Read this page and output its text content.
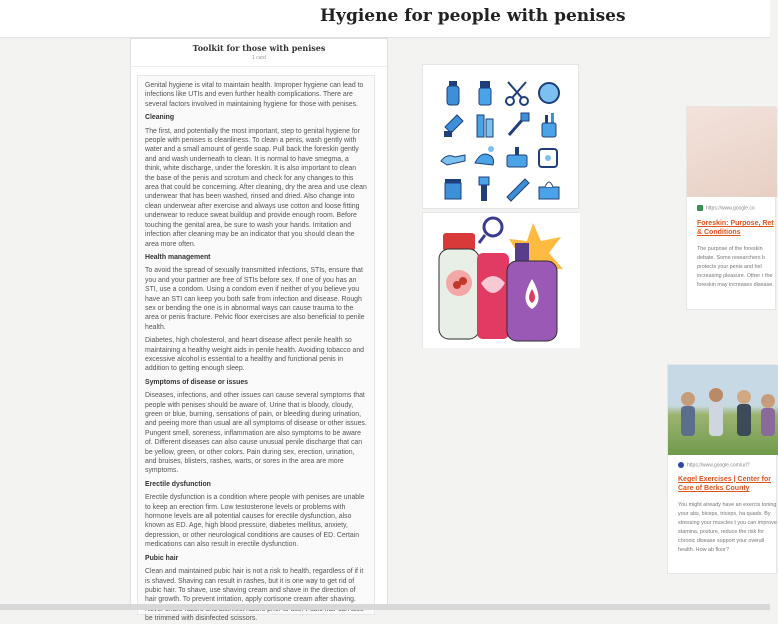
Hygiene for people with penises
Toolkit for those with penises
1 card

Genital hygiene is vital to maintain health. Improper hygiene can lead to infections like UTIs and even further health complications. There are several factors involved in maintaining hygiene for those with penises.

Cleaning

The first, and potentially the most important, step to genital hygiene for people with penises is cleanliness. To clean a penis, wash gently with water and a small amount of gentle soap. Pull back the foreskin gently and and wash underneath to clean. It is normal to have smegma, a think, white discharge, under the foreskin. It is also important to clean the base of the penis and scrotum and check for any changes to this area that could be concerning. After cleaning, dry the area and use clean underwear that has been washed, rinsed and dried. Also change into clean underwear after exercise and always use cotton and loose fitting underwear to reduce sweat buildup and provide enough room. Before touching the genital area, be sure to wash your hands. Irritation and infection after cleaning may be an indicator that you should clean the area more often.

Health management

To avoid the spread of sexually transmitted infections, STIs, ensure that you and your partner are free of STIs before sex. If one of you has an STI, use a condom. Using a condom even if neither of you believe you have an STI can keep you both safe from infection and disease. Rough sex or bending the one is in abnormal ways can cause trauma to the area or penis fracture. Pelvic floor exercises are also beneficial to penile health.

Diabetes, high cholesterol, and heart disease affect penile health so maintaining a healthy weight aids in penile health. Avoiding tobacco and excessive alcohol is essential to a healthy and functional penis in addition to getting enough sleep.

Symptoms of disease or issues

Diseases, infections, and other issues can cause several symptoms that people with penises should be aware of. Urine that is bloody, cloudy, green or blue, burning, sensations of pain, or bleeding during urination, and peeing more than usual are all symptoms of disease or other issues. Pungent smell, soreness, inflammation are also symptoms to be aware of. Different diseases can also cause unusual penile discharge that can be yellow, green, or other colors. Pain during sex, erection, urination, and bruises, blisters, rashes, warts, or sores in the area are more symptoms.

Erectile dysfunction

Erectile dysfunction is a condition where people with penises are unable to keep an erection firm. Low testosterone levels or problems with hormone levels are all potential causes for erectile dysfunction, also known as ED. Age, high blood pressure, diabetes mellitus, anxiety, depression, or other neurological conditions are causes of ED. Certain medications can also result in erectile dysfunction.

Pubic hair

Clean and maintained pubic hair is not a risk to health, regardless of if it is shaved. Shaving can result in rashes, but it is one way to get rid of pubic hair. To shave, use shaving cream and shave in the direction of hair growth. To prevent irritation, apply cortisone cream after shaving. be trimmed with disinfected scissors.

https://www.google.co
Foreskin: Purpose, Ret & Conditions
The purpose of the foreskin debate. Some researchers b protects your penis and hel increasing pleasure. Other r the foreskin may increases disease.
https://www.google.com/url?
Kegel Exercises | Center for Care of Berks County
You might already have an exercis toning your abs, biceps, triceps, ha quads. By stressing your muscles t you can improve stamina, posture, reduce the risk for chronic disease support your overall health. How ab floor?
